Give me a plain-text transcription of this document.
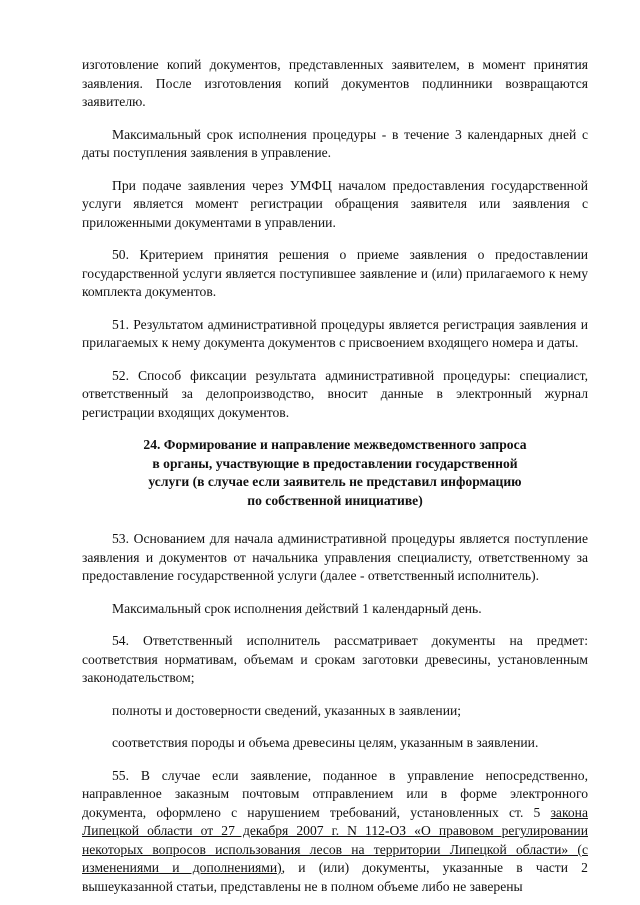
изготовление копий документов, представленных заявителем, в момент принятия заявления. После изготовления копий документов подлинники возвращаются заявителю.

Максимальный срок исполнения процедуры - в течение 3 календарных дней с даты поступления заявления в управление.

При подаче заявления через УМФЦ началом предоставления государственной услуги является момент регистрации обращения заявителя или заявления с приложенными документами в управлении.

50. Критерием принятия решения о приеме заявления о предоставлении государственной услуги является поступившее заявление и (или) прилагаемого к нему комплекта документов.

51. Результатом административной процедуры является регистрация заявления и прилагаемых к нему документа документов с присвоением входящего номера и даты.

52. Способ фиксации результата административной процедуры: специалист, ответственный за делопроизводство, вносит данные в электронный журнал регистрации входящих документов.

24. Формирование и направление межведомственного запроса
в органы, участвующие в предоставлении государственной
услуги (в случае если заявитель не представил информацию
по собственной инициативе)

53. Основанием для начала административной процедуры является поступление заявления и документов от начальника управления специалисту, ответственному за предоставление государственной услуги (далее - ответственный исполнитель).

Максимальный срок исполнения действий 1 календарный день.

54. Ответственный исполнитель рассматривает документы на предмет: соответствия нормативам, объемам и срокам заготовки древесины, установленным законодательством;

полноты и достоверности сведений, указанных в заявлении;

соответствия породы и объема древесины целям, указанным в заявлении.

55. В случае если заявление, поданное в управление непосредственно, направленное заказным почтовым отправлением или в форме электронного документа, оформлено с нарушением требований, установленных ст. 5 закона Липецкой области от 27 декабря 2007 г. N 112-ОЗ «О правовом регулировании некоторых вопросов использования лесов на территории Липецкой области» (с изменениями и дополнениями), и (или) документы, указанные в части 2 вышеуказанной статьи, представлены не в полном объеме либо не заверены
